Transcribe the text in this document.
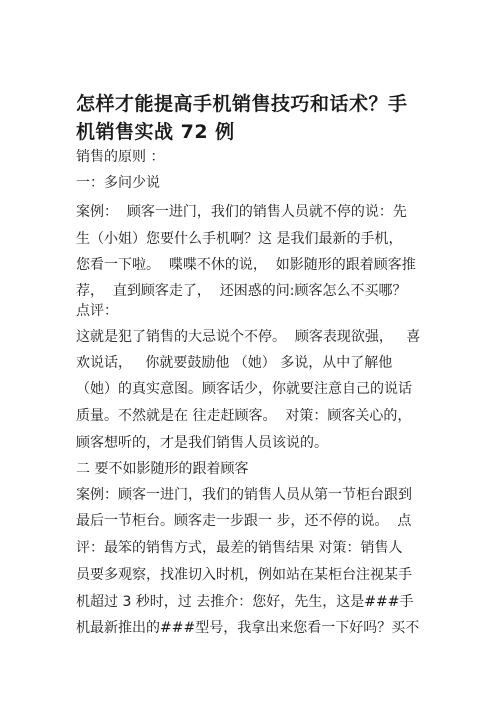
怎样才能提高手机销售技巧和话术？手
机销售实战 72 例
销售的原则 ：
一：多问少说
案例：  顾客一进门，我们的销售人员就不停的说：先
生（小姐）您要什么手机啊？这 是我们最新的手机，
您看一下啦。  喋喋不休的说，  如影随形的跟着顾客推
荐，  直到顾客走了，  还困惑的问:顾客怎么不买哪？
点评：
这就是犯了销售的大忌说个不停。  顾客表现欲强，   喜
欢说话，   你就要鼓励他 （她） 多说，从中了解他
（她）的真实意图。顾客话少，你就要注意自己的说话
质量。不然就是在 往走赶顾客。  对策：顾客关心的，
顾客想听的，才是我们销售人员该说的。
二 要不如影随形的跟着顾客
案例：顾客一进门，我们的销售人员从第一节柜台跟到
最后一节柜台。顾客走一步跟一 步，还不停的说。  点
评：最笨的销售方式，最差的销售结果 对策：销售人
员要多观察，找准切入时机，例如站在某柜台注视某手
机超过 3 秒时，过 去推介：您好，先生，这是###手
机最新推出的###型号，我拿出来您看一下好吗？买不
